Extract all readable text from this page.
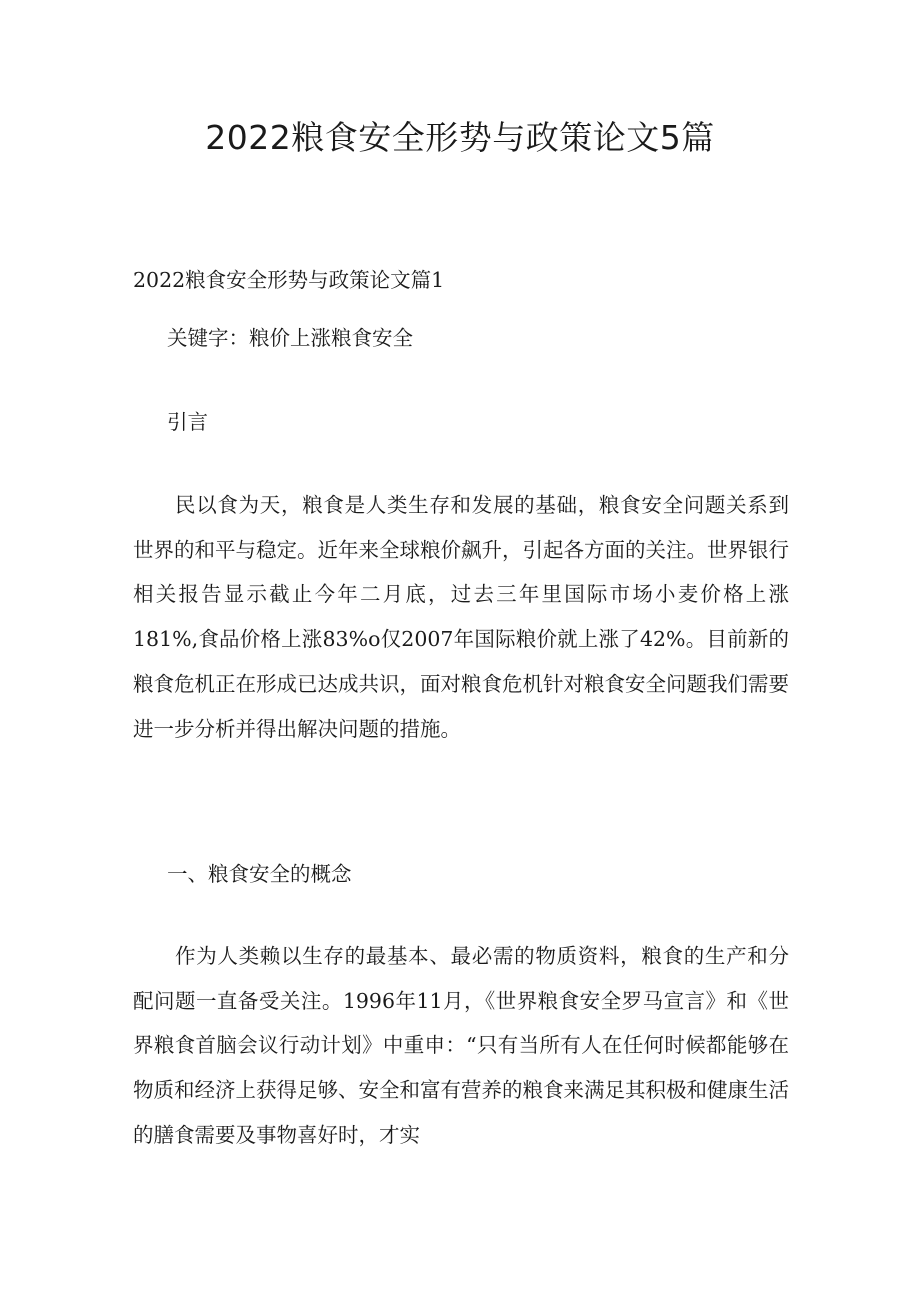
2022粮食安全形势与政策论文5篇
2022粮食安全形势与政策论文篇1

关键字：粮价上涨粮食安全

引言

民以食为天，粮食是人类生存和发展的基础，粮食安全问题关系到世界的和平与稳定。近年来全球粮价飙升，引起各方面的关注。世界银行相关报告显示截止今年二月底，过去三年里国际市场小麦价格上涨181%,食品价格上涨83%o仅2007年国际粮价就上涨了42%。目前新的粮食危机正在形成已达成共识，面对粮食危机针对粮食安全问题我们需要进一步分析并得出解决问题的措施。

一、粮食安全的概念

作为人类赖以生存的最基本、最必需的物质资料，粮食的生产和分配问题一直备受关注。1996年11月，《世界粮食安全罗马宣言》和《世界粮食首脑会议行动计划》中重申：“只有当所有人在任何时候都能够在物质和经济上获得足够、安全和富有营养的粮食来满足其积极和健康生活的膳食需要及事物喜好时，才实
